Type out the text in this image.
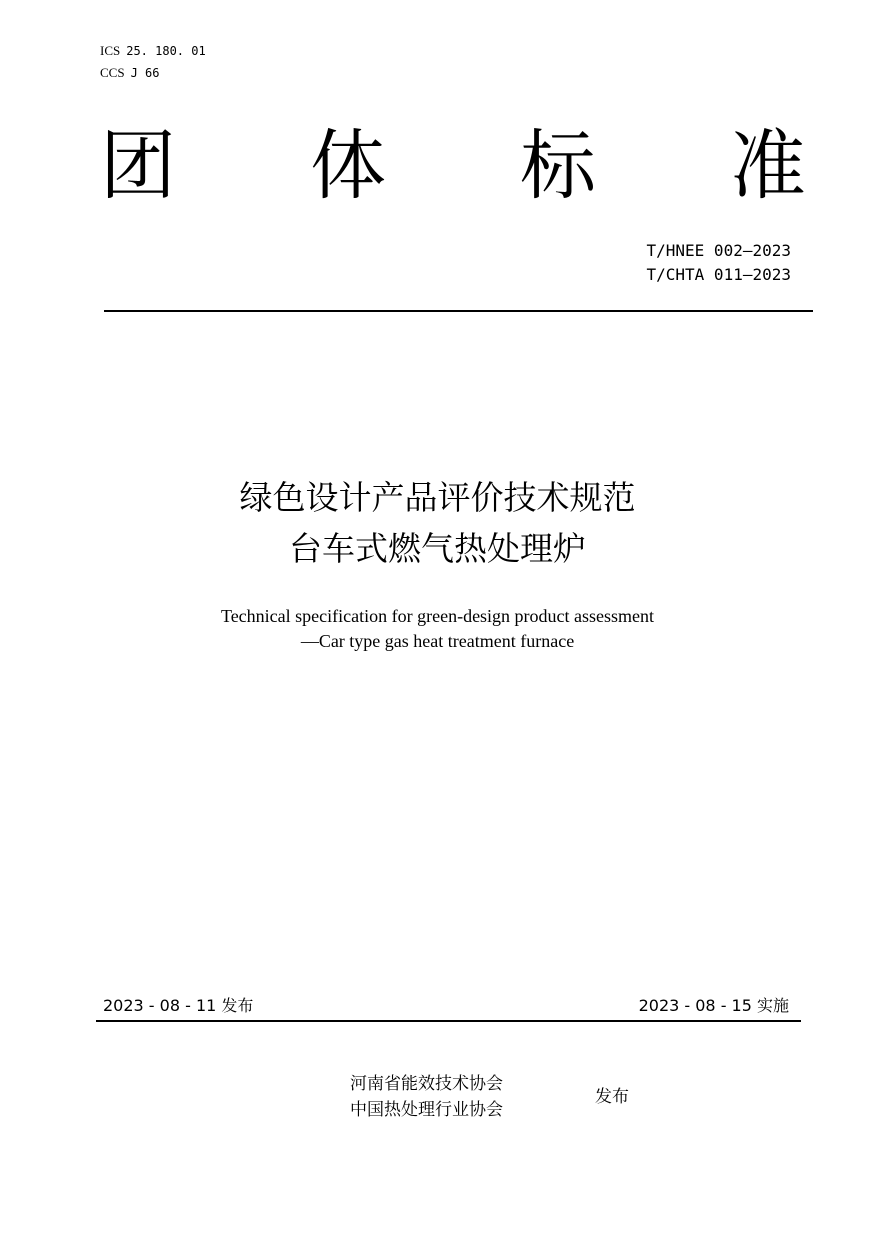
ICS 25. 180. 01
CCS J 66
团 体 标 准
T/HNEE 002—2023
T/CHTA 011—2023
绿色设计产品评价技术规范
台车式燃气热处理炉
Technical specification for green-design product assessment
—Car type gas heat treatment furnace
2023 - 08 - 11 发布	2023 - 08 - 15 实施
河南省能效技术协会
中国热处理行业协会
发布
